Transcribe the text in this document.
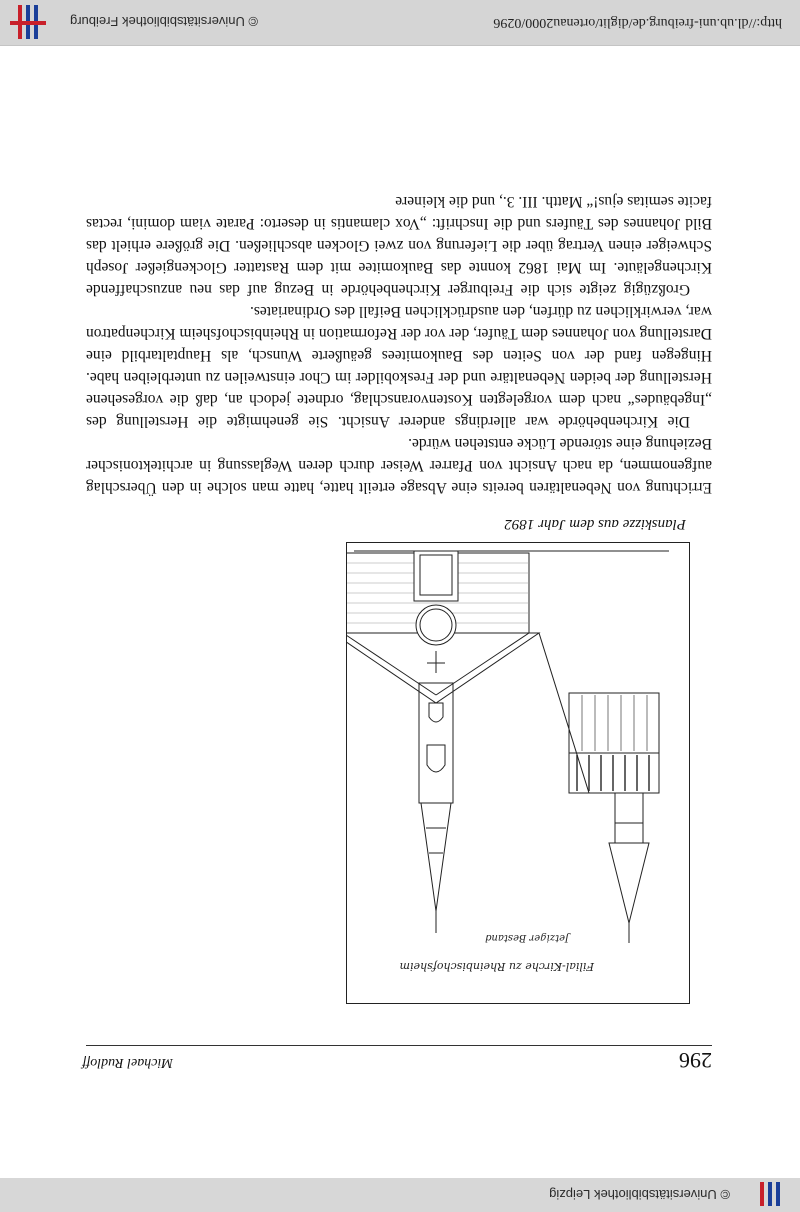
© Universitätsbibliothek Leipzig
296
Michael Rudloff
Filial-Kirche zu Rheinbischofsheim
Jetziger Bestand
Planskizze aus dem Jahr 1892

Errichtung von Nebenaltären bereits eine Absage erteilt hatte, hatte man solche in den Überschlag aufgenommen, da nach Ansicht von Pfarrer Weiser durch deren Weglassung in architektonischer Beziehung eine störende Lücke entstehen würde.

Die Kirchenbehörde war allerdings anderer Ansicht. Sie genehmigte die Herstellung des „Ingebäudes“ nach dem vorgelegten Kostenvoranschlag, ordnete jedoch an, daß die vorgesehene Herstellung der beiden Nebenaltäre und der Freskobilder im Chor einstweilen zu unterbleiben habe. Hingegen fand der von Seiten des Baukomitees geäußerte Wunsch, als Hauptaltarbild eine Darstellung von Johannes dem Täufer, der vor der Reformation in Rheinbischofsheim Kirchenpatron war, verwirklichen zu dürfen, den ausdrücklichen Beifall des Ordinariates.

Großzügig zeigte sich die Freiburger Kirchenbehörde in Bezug auf das neu anzuschaffende Kirchengeläute. Im Mai 1862 konnte das Baukomitee mit dem Rastatter Glockengießer Joseph Schweiger einen Vertrag über die Lieferung von zwei Glocken abschließen. Die größere erhielt das Bild Johannes des Täufers und die Inschrift: „Vox clamantis in deserto: Parate viam domini, rectas facite semitas ejus!“ Matth. III. 3., und die kleinere

http://dl.ub.uni-freiburg.de/diglit/ortenau2000/0296
© Universitätsbibliothek Freiburg
